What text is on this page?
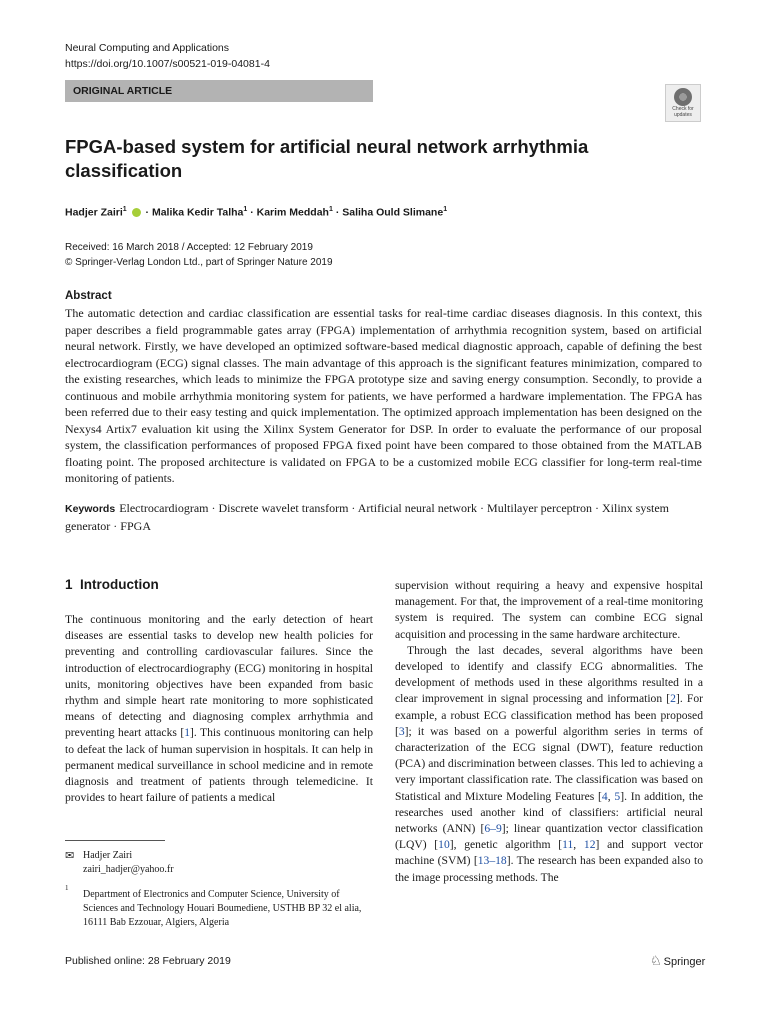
Neural Computing and Applications
https://doi.org/10.1007/s00521-019-04081-4
ORIGINAL ARTICLE
Check for
updates
FPGA-based system for artificial neural network arrhythmia classification
Hadjer Zairi$^1$ · Malika Kedir Talha$^1$ · Karim Meddah$^1$ · Saliha Ould Slimane$^1$
Received: 16 March 2018 / Accepted: 12 February 2019
© Springer-Verlag London Ltd., part of Springer Nature 2019
Abstract
The automatic detection and cardiac classification are essential tasks for real-time cardiac diseases diagnosis. In this context, this paper describes a field programmable gates array (FPGA) implementation of arrhythmia recognition system, based on artificial neural network. Firstly, we have developed an optimized software-based medical diagnostic approach, capable of defining the best electrocardiogram (ECG) signal classes. The main advantage of this approach is the significant features minimization, compared to the existing researches, which leads to minimize the FPGA prototype size and saving energy consumption. Secondly, to provide a continuous and mobile arrhythmia monitoring system for patients, we have performed a hardware implementation. The FPGA has been referred due to their easy testing and quick implementation. The optimized approach implementation has been designed on the Nexys4 Artix7 evaluation kit using the Xilinx System Generator for DSP. In order to evaluate the performance of our proposal system, the classification performances of proposed FPGA fixed point have been compared to those obtained from the MATLAB floating point. The proposed architecture is validated on FPGA to be a customized mobile ECG classifier for long-term real-time monitoring of patients.
Keywords Electrocardiogram · Discrete wavelet transform · Artificial neural network · Multilayer perceptron · Xilinx system generator · FPGA
1 Introduction
The continuous monitoring and the early detection of heart diseases are essential tasks to develop new health policies for preventing and controlling cardiovascular failures. Since the introduction of electrocardiography (ECG) monitoring in hospital units, monitoring objectives have been expanded from basic rhythm and simple heart rate monitoring to more sophisticated means of detecting and diagnosing complex arrhythmia and preventing heart attacks [1]. This continuous monitoring can help to defeat the lack of human supervision in hospitals. It can help in permanent medical surveillance in school medicine and in remote diagnosis and treatment of patients through telemedicine. It provides to heart failure of patients a medical

supervision without requiring a heavy and expensive hospital management. For that, the improvement of a real-time monitoring system is required. The system can combine ECG signal acquisition and processing in the same hardware architecture.

Through the last decades, several algorithms have been developed to identify and classify ECG abnormalities. The development of methods used in these algorithms resulted in a clear improvement in signal processing and information [2]. For example, a robust ECG classification method has been proposed [3]; it was based on a powerful algorithm series in terms of characterization of the ECG signal (DWT), feature reduction (PCA) and discrimination between classes. This led to achieving a very important classification rate. The classification was based on Statistical and Mixture Modeling Features [4, 5]. In addition, the researches used another kind of classifiers: artificial neural networks (ANN) [6–9]; linear quantization vector classification (LQV) [10], genetic algorithm [11, 12] and support vector machine (SVM) [13–18]. The research has been expanded also to the image processing methods. The

✉ Hadjer Zairi
zairi_hadjer@yahoo.fr
1
Department of Electronics and Computer Science, University of Sciences and Technology Houari Boumediene, USTHB BP 32 el alia, 16111 Bab Ezzouar, Algiers, Algeria
Published online: 28 February 2019	♘ Springer
